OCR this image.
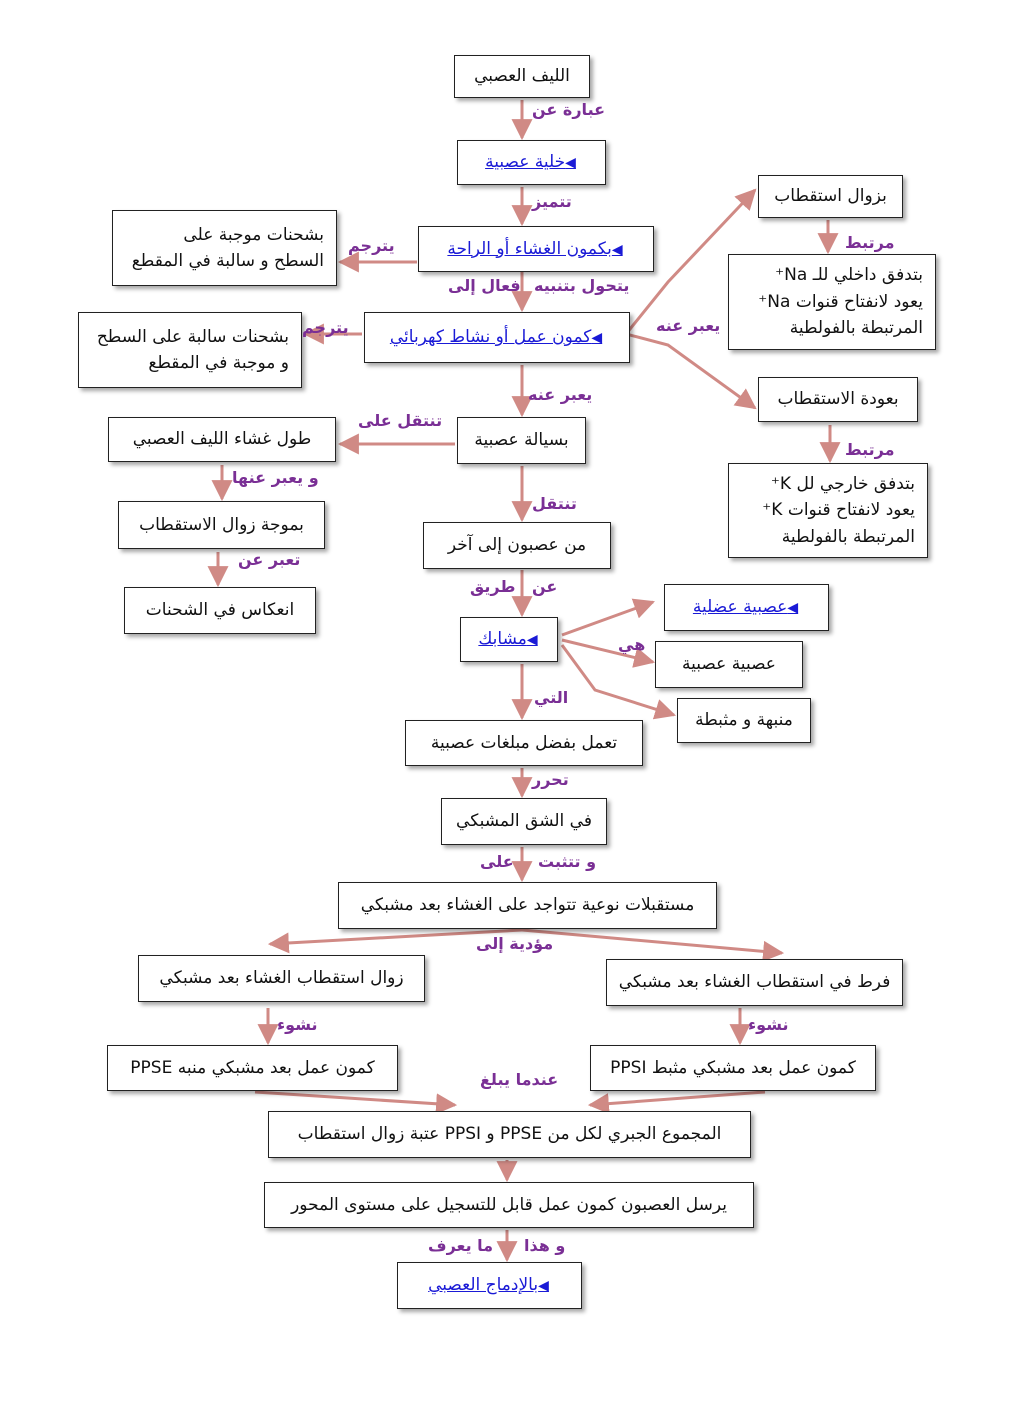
الليف العصبي
◀خلية عصبية
◀بكمون الغشاء أو الراحة
بشحنات موجبة على
السطح و سالبة في المقطع
◀كمون عمل أو نشاط كهربائي
بشحنات سالبة على السطح
و موجبة في المقطع
بزوال استقطاب
بتدفق داخلي للـ Na⁺
يعود لانفتاح قنوات Na⁺
المرتبطة بالفولطية
بعودة الاستقطاب
بتدفق خارجي لل K⁺
يعود لانفتاح قنوات K⁺
المرتبطة بالفولطية
بسيالة عصبية
طول غشاء الليف العصبي
بموجة زوال الاستقطاب
انعكاس في الشحنات
من عصبون إلى آخر
◀مشابك
◀عصبية عضلية
عصبية عصبية
منبهة و مثبطة
تعمل بفضل مبلغات عصبية
في الشق المشبكي
مستقبلات نوعية تتواجد على الغشاء بعد مشبكي
زوال استقطاب الغشاء بعد مشبكي	فرط في استقطاب الغشاء بعد مشبكي
كمون عمل بعد مشبكي منبه PPSE	كمون عمل بعد مشبكي مثبط PPSI
المجموع الجبري لكل من PPSE و PPSI عتبة زوال استقطاب
يرسل العصبون كمون عمل قابل للتسجيل على مستوى المحور
◀بالإدماج العصبي
عبارة عن
تتميز
يترجم
يتحول بتنبيه
فعال إلى
يترجم	يعبر عنه
مرتبط
مرتبط
يعبر عنه
تنتقل على
و يعبر عنها
تعبر عن
تنتقل
عن
طريق
هي
التي
تحرر
و تتثبت
على
مؤدية إلى
نشوء	نشوء
عندما يبلغ
و هذا
ما يعرف
